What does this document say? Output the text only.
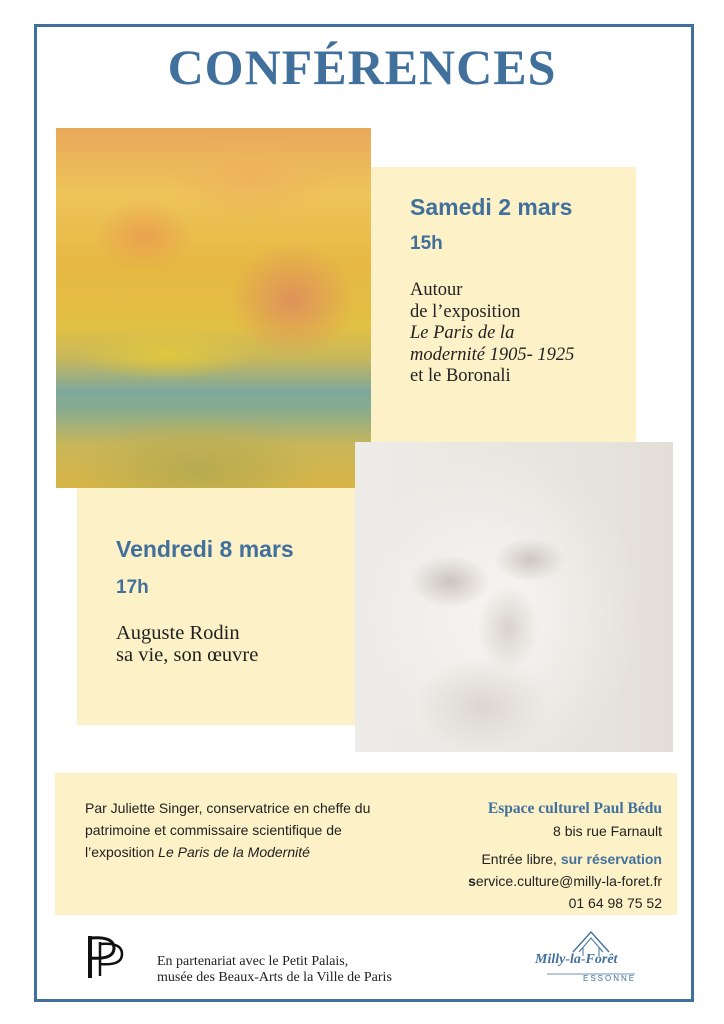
CONFÉRENCES
Samedi 2 mars
15h
Autour
de l’exposition
Le Paris de la
modernité 1905- 1925
et le Boronali
Vendredi 8 mars
17h
Auguste Rodin
sa vie, son œuvre
Par Juliette Singer, conservatrice en cheffe du
patrimoine et commissaire scientifique de
l’exposition Le Paris de la Modernité
Espace culturel Paul Bédu
8 bis rue Farnault
Entrée libre, sur réservation
service.culture@milly-la-foret.fr
01 64 98 75 52
En partenariat avec le Petit Palais,
musée des Beaux-Arts de la Ville de Paris
Milly-la-Forêt
ESSONNE
